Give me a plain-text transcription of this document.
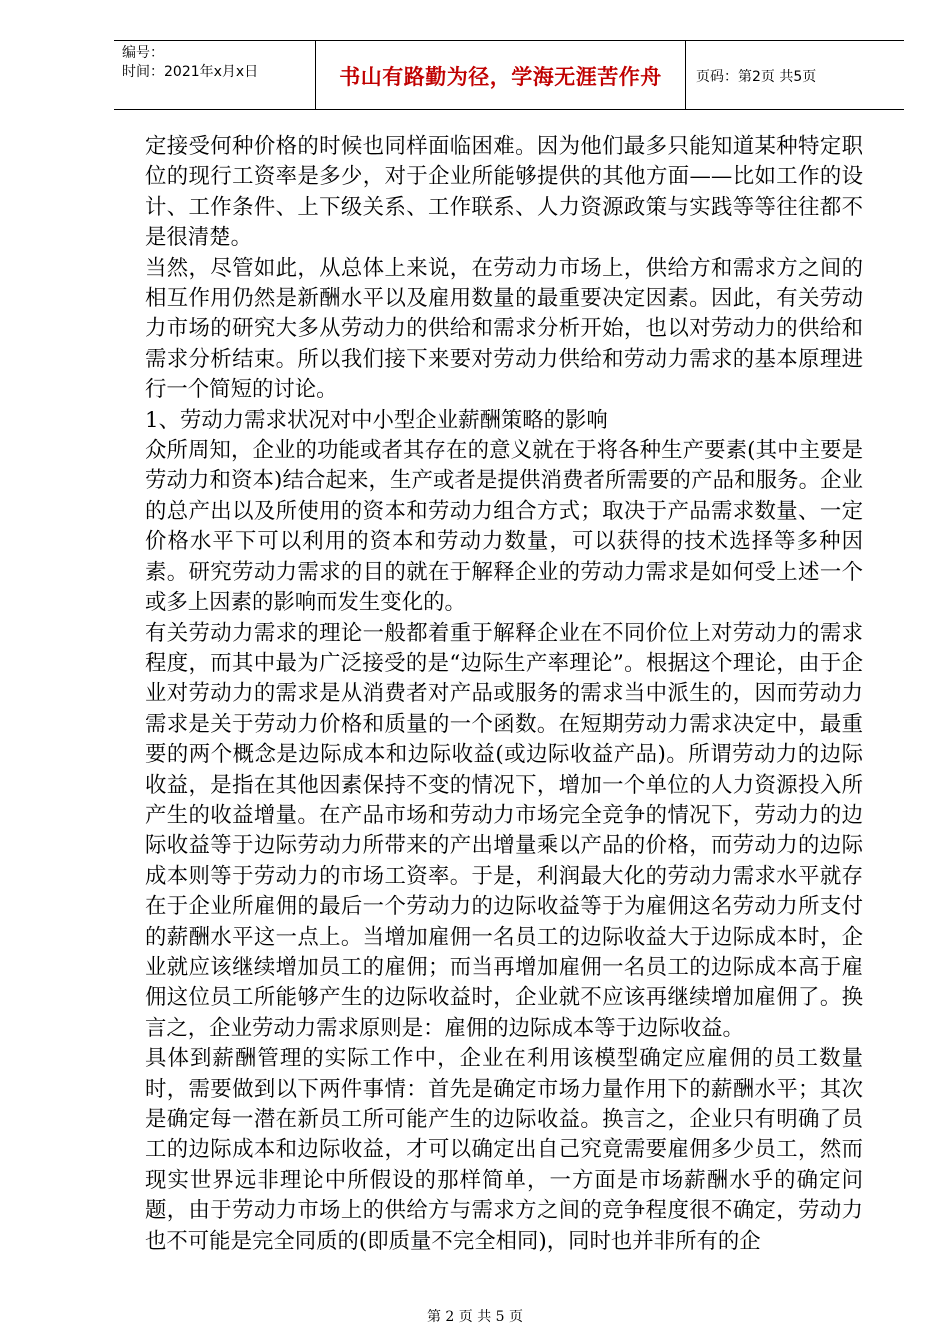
编号：
时间：2021年x月x日	书山有路勤为径，学海无涯苦作舟	页码：第2页 共5页

定接受何种价格的时候也同样面临困难。因为他们最多只能知道某种特定职位的现行工资率是多少，对于企业所能够提供的其他方面——比如工作的设计、工作条件、上下级关系、工作联系、人力资源政策与实践等等往往都不是很清楚。

当然，尽管如此，从总体上来说，在劳动力市场上，供给方和需求方之间的相互作用仍然是新酬水平以及雇用数量的最重要决定因素。因此，有关劳动力市场的研究大多从劳动力的供给和需求分析开始，也以对劳动力的供给和需求分析结束。所以我们接下来要对劳动力供给和劳动力需求的基本原理进行一个简短的讨论。

1、劳动力需求状况对中小型企业薪酬策略的影响

众所周知，企业的功能或者其存在的意义就在于将各种生产要素(其中主要是劳动力和资本)结合起来，生产或者是提供消费者所需要的产品和服务。企业的总产出以及所使用的资本和劳动力组合方式；取决于产品需求数量、一定价格水平下可以利用的资本和劳动力数量，可以获得的技术选择等多种因素。研究劳动力需求的目的就在于解释企业的劳动力需求是如何受上述一个或多上因素的影响而发生变化的。

有关劳动力需求的理论一般都着重于解释企业在不同价位上对劳动力的需求程度，而其中最为广泛接受的是“边际生产率理论”。根据这个理论，由于企业对劳动力的需求是从消费者对产品或服务的需求当中派生的，因而劳动力需求是关于劳动力价格和质量的一个函数。在短期劳动力需求决定中，最重要的两个概念是边际成本和边际收益(或边际收益产品)。所谓劳动力的边际收益，是指在其他因素保持不变的情况下，增加一个单位的人力资源投入所产生的收益增量。在产品市场和劳动力市场完全竞争的情况下，劳动力的边际收益等于边际劳动力所带来的产出增量乘以产品的价格，而劳动力的边际成本则等于劳动力的市场工资率。于是，利润最大化的劳动力需求水平就存在于企业所雇佣的最后一个劳动力的边际收益等于为雇佣这名劳动力所支付的薪酬水平这一点上。当增加雇佣一名员工的边际收益大于边际成本时，企业就应该继续增加员工的雇佣；而当再增加雇佣一名员工的边际成本高于雇佣这位员工所能够产生的边际收益时，企业就不应该再继续增加雇佣了。换言之，企业劳动力需求原则是：雇佣的边际成本等于边际收益。

具体到薪酬管理的实际工作中，企业在利用该模型确定应雇佣的员工数量时，需要做到以下两件事情：首先是确定市场力量作用下的薪酬水平；其次是确定每一潜在新员工所可能产生的边际收益。换言之，企业只有明确了员工的边际成本和边际收益，才可以确定出自己究竟需要雇佣多少员工，然而现实世界远非理论中所假设的那样简单，一方面是市场薪酬水乎的确定问题，由于劳动力市场上的供给方与需求方之间的竞争程度很不确定，劳动力也不可能是完全同质的(即质量不完全相同)，同时也并非所有的企

第 2 页 共 5 页
